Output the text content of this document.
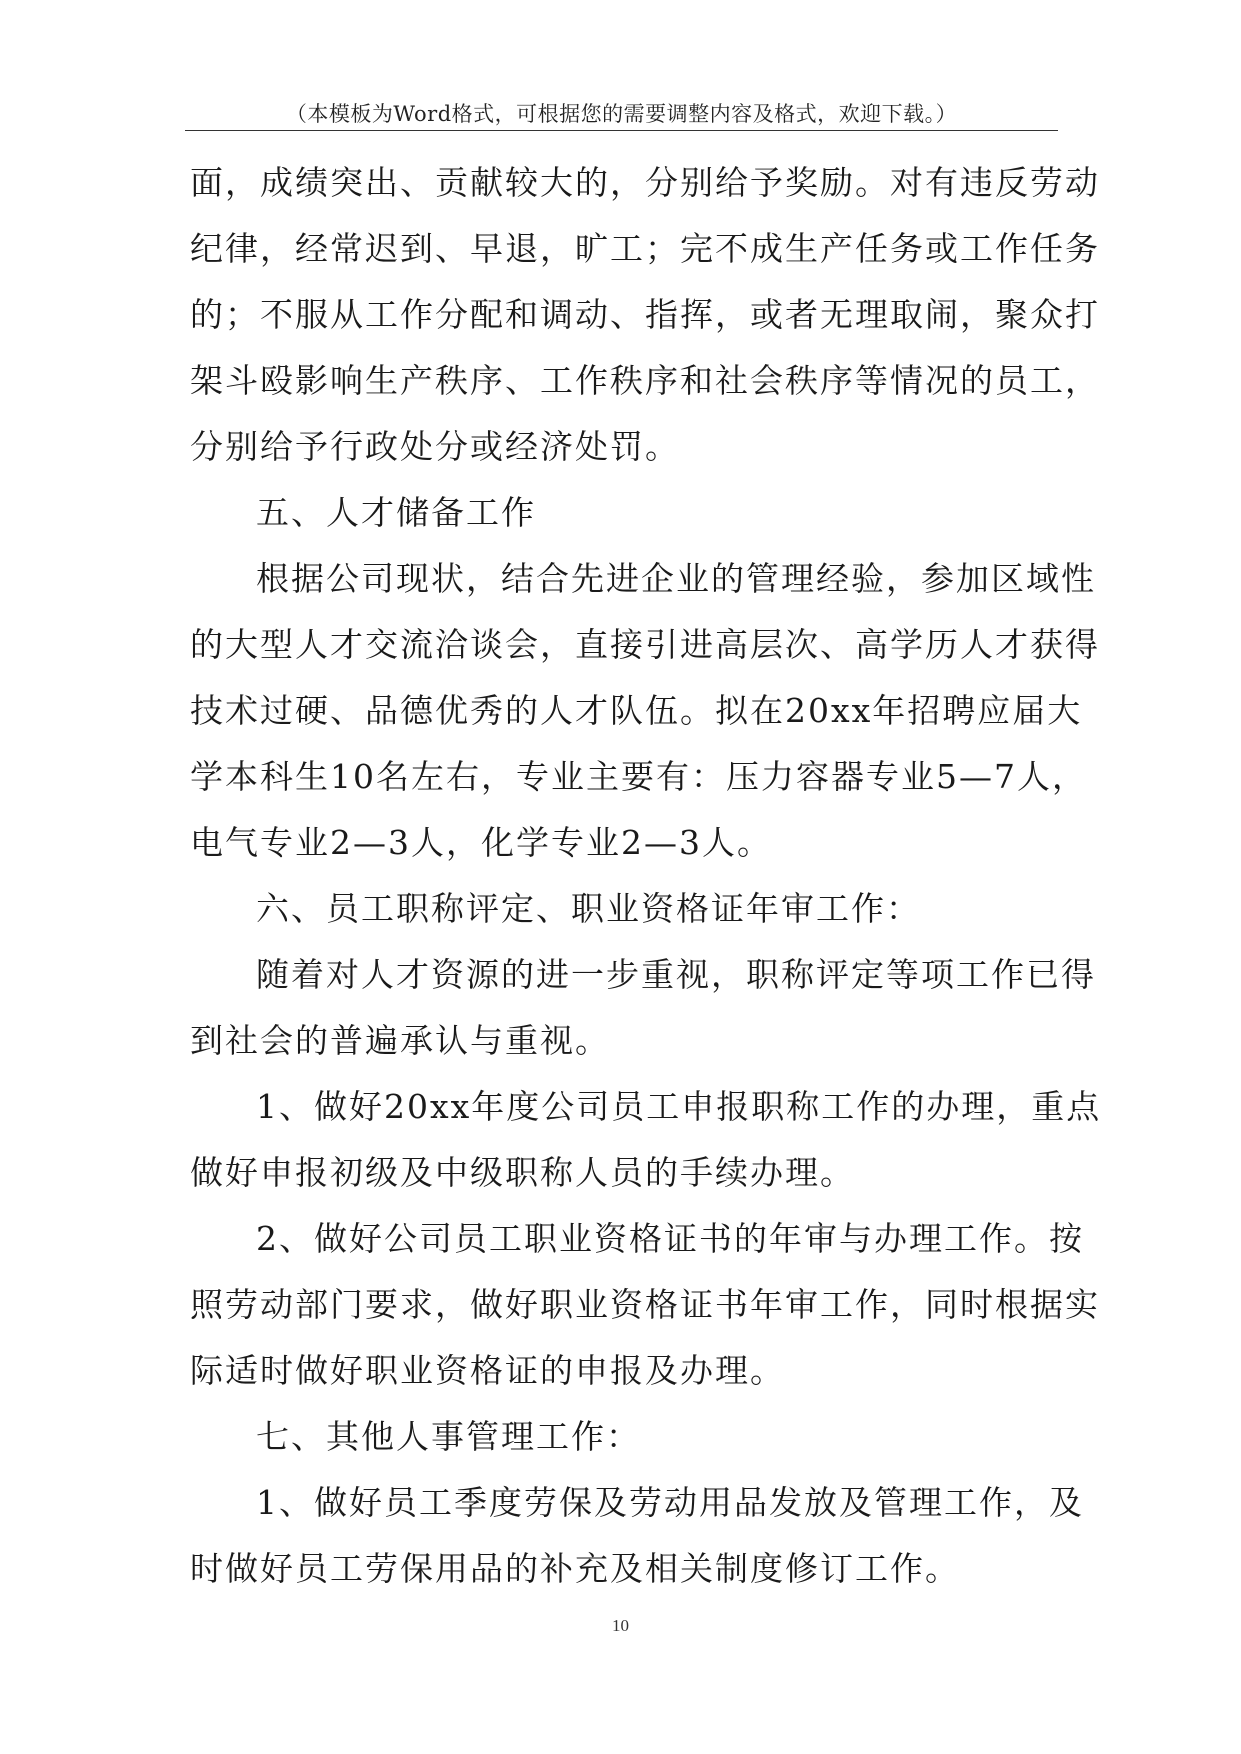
（本模板为Word格式，可根据您的需要调整内容及格式，欢迎下载。）
面，成绩突出、贡献较大的，分别给予奖励。对有违反劳动
纪律，经常迟到、早退，旷工；完不成生产任务或工作任务
的；不服从工作分配和调动、指挥，或者无理取闹，聚众打
架斗殴影响生产秩序、工作秩序和社会秩序等情况的员工，
分别给予行政处分或经济处罚。
五、人才储备工作
根据公司现状，结合先进企业的管理经验，参加区域性
的大型人才交流洽谈会，直接引进高层次、高学历人才获得
技术过硬、品德优秀的人才队伍。拟在20xx年招聘应届大
学本科生10名左右，专业主要有：压力容器专业5—7人，
电气专业2—3人，化学专业2—3人。
六、员工职称评定、职业资格证年审工作：
随着对人才资源的进一步重视，职称评定等项工作已得
到社会的普遍承认与重视。
1、做好20xx年度公司员工申报职称工作的办理，重点
做好申报初级及中级职称人员的手续办理。
2、做好公司员工职业资格证书的年审与办理工作。按
照劳动部门要求，做好职业资格证书年审工作，同时根据实
际适时做好职业资格证的申报及办理。
七、其他人事管理工作：
1、做好员工季度劳保及劳动用品发放及管理工作，及
时做好员工劳保用品的补充及相关制度修订工作。
10
